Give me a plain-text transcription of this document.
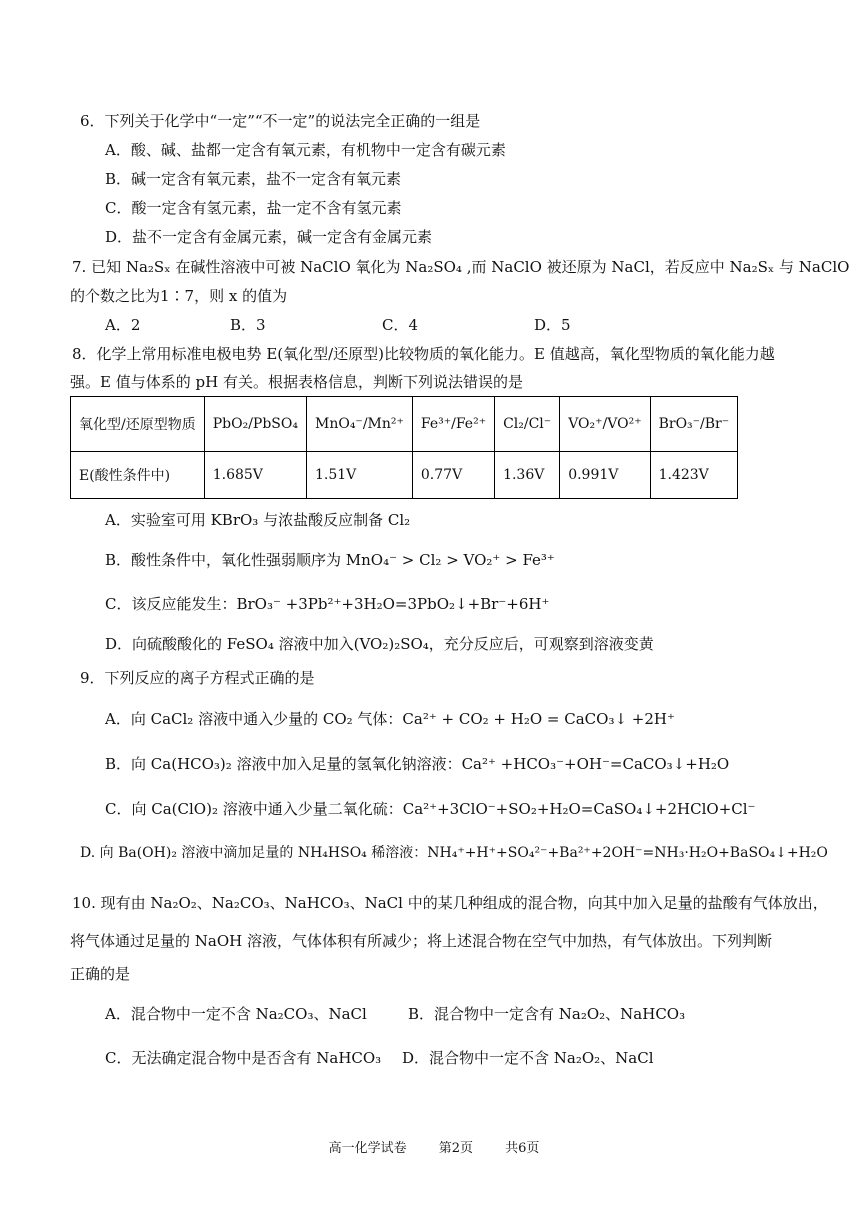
6．下列关于化学中“一定”“不一定”的说法完全正确的一组是
A．酸、碱、盐都一定含有氧元素，有机物中一定含有碳元素
B．碱一定含有氧元素，盐不一定含有氧元素
C．酸一定含有氢元素，盐一定不含有氢元素
D．盐不一定含有金属元素，碱一定含有金属元素
7. 已知 Na₂Sₓ 在碱性溶液中可被 NaClO 氧化为 Na₂SO₄ ,而 NaClO 被还原为 NaCl，若反应中 Na₂Sₓ 与 NaClO
的个数之比为1∶7，则 x 的值为
A．2	B．3	C．4	D．5
8．化学上常用标准电极电势 E(氧化型/还原型)比较物质的氧化能力。E 值越高，氧化型物质的氧化能力越
强。E 值与体系的 pH 有关。根据表格信息，判断下列说法错误的是
氧化型/还原型物质	PbO₂/PbSO₄	MnO₄⁻/Mn²⁺	Fe³⁺/Fe²⁺	Cl₂/Cl⁻	VO₂⁺/VO²⁺	BrO₃⁻/Br⁻
E(酸性条件中)	1.685V	1.51V	0.77V	1.36V	0.991V	1.423V
A．实验室可用 KBrO₃ 与浓盐酸反应制备 Cl₂
B．酸性条件中，氧化性强弱顺序为 MnO₄⁻ > Cl₂ > VO₂⁺ > Fe³⁺
C．该反应能发生：BrO₃⁻ +3Pb²⁺+3H₂O=3PbO₂↓+Br⁻+6H⁺
D．向硫酸酸化的 FeSO₄ 溶液中加入(VO₂)₂SO₄，充分反应后，可观察到溶液变黄
9．下列反应的离子方程式正确的是
A．向 CaCl₂ 溶液中通入少量的 CO₂ 气体：Ca²⁺ + CO₂ + H₂O = CaCO₃↓ +2H⁺
B．向 Ca(HCO₃)₂ 溶液中加入足量的氢氧化钠溶液：Ca²⁺ +HCO₃⁻+OH⁻=CaCO₃↓+H₂O
C．向 Ca(ClO)₂ 溶液中通入少量二氧化硫：Ca²⁺+3ClO⁻+SO₂+H₂O=CaSO₄↓+2HClO+Cl⁻
D. 向 Ba(OH)₂ 溶液中滴加足量的 NH₄HSO₄ 稀溶液：NH₄⁺+H⁺+SO₄²⁻+Ba²⁺+2OH⁻=NH₃·H₂O+BaSO₄↓+H₂O
10. 现有由 Na₂O₂、Na₂CO₃、NaHCO₃、NaCl 中的某几种组成的混合物，向其中加入足量的盐酸有气体放出，
将气体通过足量的 NaOH 溶液，气体体积有所减少；将上述混合物在空气中加热，有气体放出。下列判断
正确的是
A．混合物中一定不含 Na₂CO₃、NaCl	B．混合物中一定含有 Na₂O₂、NaHCO₃
C．无法确定混合物中是否含有 NaHCO₃ D．混合物中一定不含 Na₂O₂、NaCl
高一化学试卷 第2页 共6页
